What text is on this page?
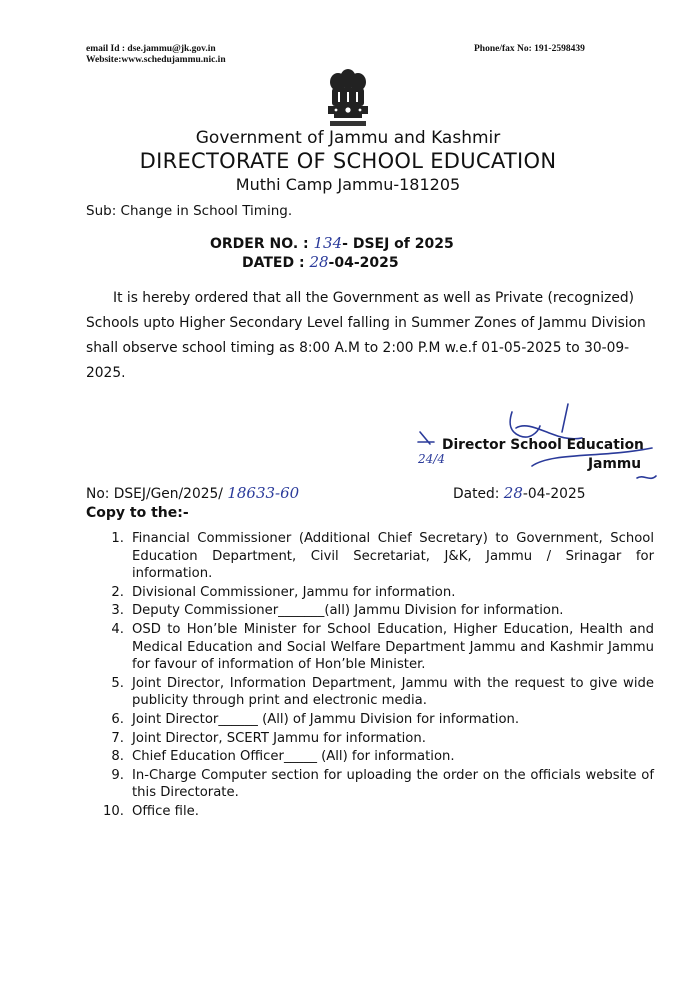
email Id : dse.jammu@jk.gov.in
Website:www.schedujammu.nic.in
Phone/fax No: 191-2598439
Government of Jammu and Kashmir
DIRECTORATE OF SCHOOL EDUCATION
Muthi Camp Jammu-181205
Sub: Change in School Timing.
ORDER NO. : 134- DSEJ of 2025
DATED : 28-04-2025
It is hereby ordered that all the Government as well as Private (recognized)
Schools upto Higher Secondary Level falling in Summer Zones of Jammu Division
shall observe school timing as 8:00 A.M to 2:00 P.M w.e.f 01-05-2025 to 30-09-
2025.
Director School Education
Jammu
24/4
No: DSEJ/Gen/2025/ 18633-60	Dated: 28-04-2025
Copy to the:-
1. Financial Commissioner (Additional Chief Secretary) to Government, School Education Department, Civil Secretariat, J&K, Jammu / Srinagar for information.
2. Divisional Commissioner, Jammu for information.
3. Deputy Commissioner_______(all) Jammu Division for information.
4. OSD to Hon’ble Minister for School Education, Higher Education, Health and Medical Education and Social Welfare Department Jammu and Kashmir Jammu for favour of information of Hon’ble Minister.
5. Joint Director, Information Department, Jammu with the request to give wide publicity through print and electronic media.
6. Joint Director______ (All) of Jammu Division for information.
7. Joint Director, SCERT Jammu for information.
8. Chief Education Officer_____ (All) for information.
9. In-Charge Computer section for uploading the order on the officials website of this Directorate.
10. Office file.
